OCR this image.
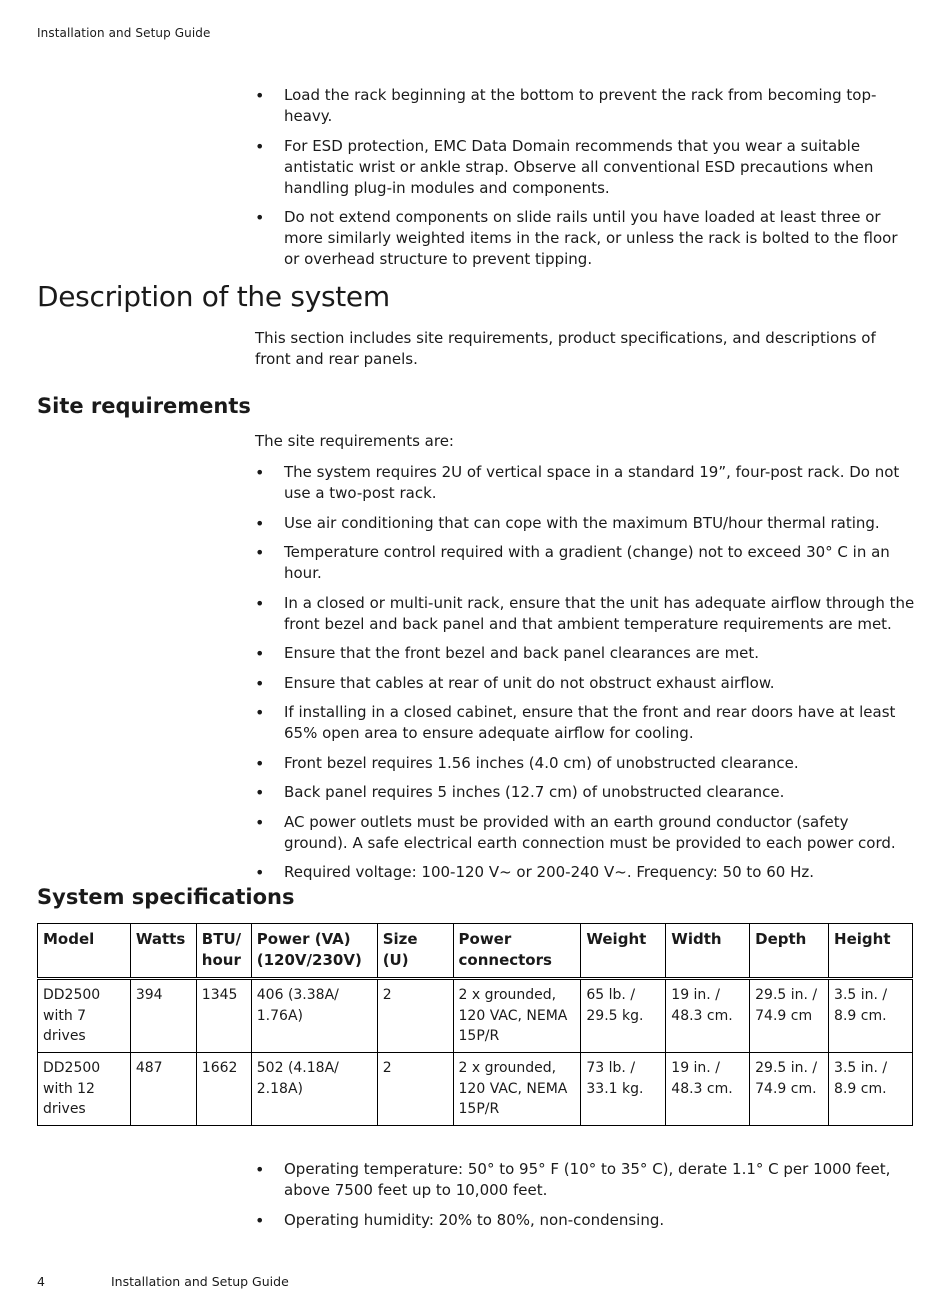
Installation and Setup Guide
• Load the rack beginning at the bottom to prevent the rack from becoming top-heavy.
• For ESD protection, EMC Data Domain recommends that you wear a suitable antistatic wrist or ankle strap. Observe all conventional ESD precautions when handling plug-in modules and components.
• Do not extend components on slide rails until you have loaded at least three or more similarly weighted items in the rack, or unless the rack is bolted to the floor or overhead structure to prevent tipping.
Description of the system

This section includes site requirements, product specifications, and descriptions of front and rear panels.

Site requirements

The site requirements are:

• The system requires 2U of vertical space in a standard 19”, four-post rack. Do not use a two-post rack.
• Use air conditioning that can cope with the maximum BTU/hour thermal rating.
• Temperature control required with a gradient (change) not to exceed 30° C in an hour.
• In a closed or multi-unit rack, ensure that the unit has adequate airflow through the front bezel and back panel and that ambient temperature requirements are met.
• Ensure that the front bezel and back panel clearances are met.
• Ensure that cables at rear of unit do not obstruct exhaust airflow.
• If installing in a closed cabinet, ensure that the front and rear doors have at least 65% open area to ensure adequate airflow for cooling.
• Front bezel requires 1.56 inches (4.0 cm) of unobstructed clearance.
• Back panel requires 5 inches (12.7 cm) of unobstructed clearance.
• AC power outlets must be provided with an earth ground conductor (safety ground). A safe electrical earth connection must be provided to each power cord.
• Required voltage: 100-120 V~ or 200-240 V~. Frequency: 50 to 60 Hz.
System specifications
Model	Watts	BTU/ hour	Power (VA) (120V/230V)	Size (U)	Power connectors	Weight	Width	Depth	Height
DD2500 with 7 drives	394	1345	406 (3.38A/ 1.76A)	2	2 x grounded, 120 VAC, NEMA 15P/R	65 lb. / 29.5 kg.	19 in. / 48.3 cm.	29.5 in. / 74.9 cm	3.5 in. / 8.9 cm.
DD2500 with 12 drives	487	1662	502 (4.18A/ 2.18A)	2	2 x grounded, 120 VAC, NEMA 15P/R	73 lb. / 33.1 kg.	19 in. / 48.3 cm.	29.5 in. / 74.9 cm.	3.5 in. / 8.9 cm.
• Operating temperature: 50° to 95° F (10° to 35° C), derate 1.1° C per 1000 feet, above 7500 feet up to 10,000 feet.
• Operating humidity: 20% to 80%, non-condensing.
4	Installation and Setup Guide
